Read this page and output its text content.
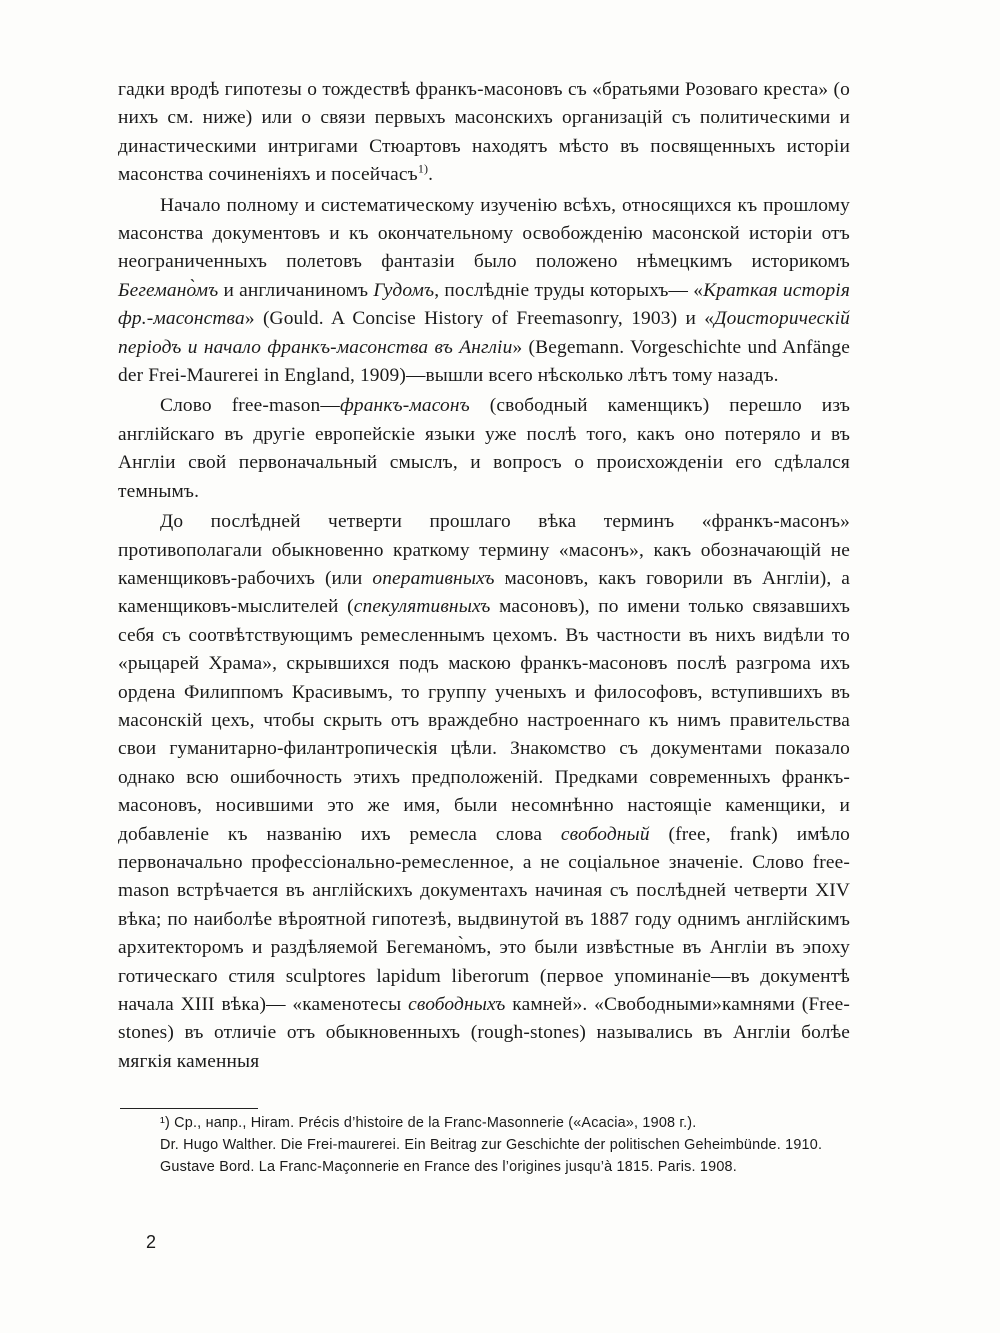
гадки вродѣ гипотезы о тождествѣ франкъ-масоновъ съ «братьями Розоваго креста» (о нихъ см. ниже) или о связи первыхъ масонскихъ организацій съ политическими и династическими интригами Стюартовъ находятъ мѣсто въ посвященныхъ исторіи масонства сочиненіяхъ и посейчасъ$^{1)}$.

Начало полному и систематическому изученію всѣхъ, относящихся къ прошлому масонства документовъ и къ окончательному освобожденію масонской исторіи отъ неограниченныхъ полетовъ фантазіи было положено нѣмецкимъ историкомъ Бегемано̀мъ и англичаниномъ Гудомъ, послѣдніе труды которыхъ— «Краткая исторія фр.-масонства» (Gould. A Concise History of Freemasonry, 1903) и «Доисторическій періодъ и начало франкъ-масонства въ Англіи» (Begemann. Vorgeschichte und Anfänge der Frei-Maurerei in England, 1909)—вышли всего нѣсколько лѣтъ тому назадъ.

Слово free-mason—франкъ-масонъ (свободный каменщикъ) перешло изъ англійскаго въ другіе европейскіе языки уже послѣ того, какъ оно потеряло и въ Англіи свой первоначальный смыслъ, и вопросъ о происхожденіи его сдѣлался темнымъ.

До послѣдней четверти прошлаго вѣка терминъ «франкъ-масонъ» противополагали обыкновенно краткому термину «масонъ», какъ обозначающій не каменщиковъ-рабочихъ (или оперативныхъ масоновъ, какъ говорили въ Англіи), а каменщиковъ-мыслителей (спекулятивныхъ масоновъ), по имени только связавшихъ себя съ соотвѣтствующимъ ремесленнымъ цехомъ. Въ частности въ нихъ видѣли то «рыцарей Храма», скрывшихся подъ маскою франкъ-масоновъ послѣ разгрома ихъ ордена Филиппомъ Красивымъ, то группу ученыхъ и философовъ, вступившихъ въ масонскій цехъ, чтобы скрыть отъ враждебно настроеннаго къ нимъ правительства свои гуманитарно-филантропическія цѣли. Знакомство съ документами показало однако всю ошибочность этихъ предположеній. Предками современныхъ франкъ-масоновъ, носившими это же имя, были несомнѣнно настоящіе каменщики, и добавленіе къ названію ихъ ремесла слова свободный (free, frank) имѣло первоначально профессіонально-ремесленное, а не соціальное значеніе. Слово free-mason встрѣчается въ англійскихъ документахъ начиная съ послѣдней четверти XIV вѣка; по наиболѣе вѣроятной гипотезѣ, выдвинутой въ 1887 году однимъ англійскимъ архитекторомъ и раздѣляемой Бегемано̀мъ, это были извѣстные въ Англіи въ эпоху готическаго стиля sculptores lapidum liberorum (первое упоминаніе—въ документѣ начала XIII вѣка)— «каменотесы свободныхъ камней». «Свободными»камнями (Free-stones) въ отличіе отъ обыкновенныхъ (rough-stones) назывались въ Англіи болѣе мягкія каменныя

¹) Ср., напр., Hiram. Précis d’histoire de la Franc-Masonnerie («Acacia», 1908 г.).

Dr. Hugo Walther. Die Frei-maurerei. Ein Beitrag zur Geschichte der politischen Geheimbünde. 1910.

Gustave Bord. La Franc-Maçonnerie en France des l’origines jusqu’à 1815. Paris. 1908.

2
